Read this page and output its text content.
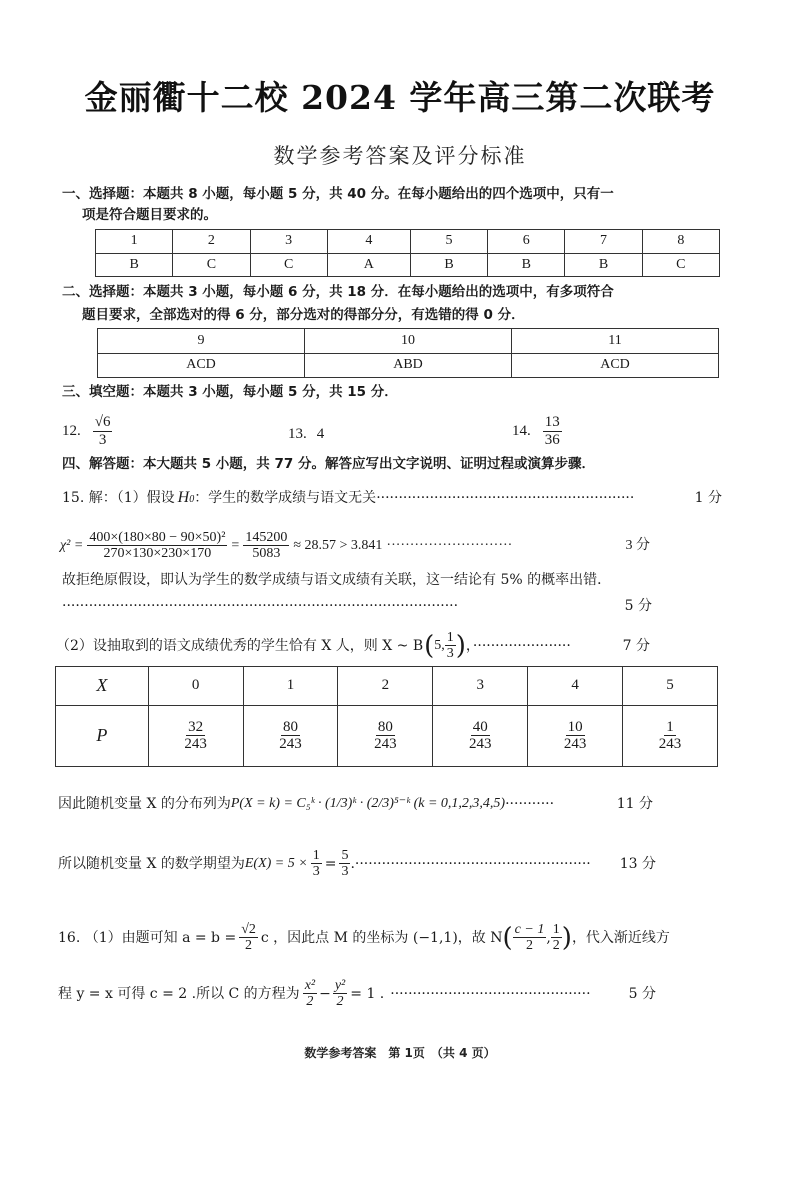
金丽衢十二校 2024 学年高三第二次联考
数学参考答案及评分标准
一、选择题：本题共 8 小题，每小题 5 分，共 40 分。在每小题给出的四个选项中，只有一
项是符合题目要求的。
1	2	3	4	5	6	7	8
B	C	C	A	B	B	B	C
二、选择题：本题共 3 小题，每小题 6 分，共 18 分．在每小题给出的选项中，有多项符合
题目要求，全部选对的得 6 分，部分选对的得部分分，有选错的得 0 分．
9	10	11
ACD	ABD	ACD
三、填空题：本题共 3 小题，每小题 5 分，共 15 分．
12. $\frac{√6}{3}$	13. 4	14. $\frac{13}{36}$
四、解答题：本大题共 5 小题，共 77 分。解答应写出文字说明、证明过程或演算步骤．
15. 解：（1）假设 H 0 ：学生的数学成绩与语文无关 ··························································	1 分
$\chi^2 = \frac{\text{400×(180×80 − 90×50)²}}{270\times 130\times 230\times 170} = \frac{145200}{5083} \approx 28.57 > 3.841$ ···························	3 分
故拒绝原假设，即认为学生的数学成绩与语文成绩有关联，这一结论有 5% 的概率出错．
·························································································	5 分
（2）设抽取到的语文成绩优秀的学生恰有 X 人，则 X ~ B ( 5, $\frac{1}{3}$ ) ，······················	7 分
X	0	1	2	3	4	5
P	$\frac{32}{243}$	$\frac{80}{243}$	$\frac{80}{243}$	$\frac{40}{243}$	$\frac{10}{243}$	$\frac{1}{243}$
因此随机变量 X 的分布列为 P(X = k) = C₅ᵏ · (1/3)ᵏ · (2/3)⁵⁻ᵏ (k = 0,1,2,3,4,5) ···········	11 分
所以随机变量 X 的数学期望为 $E(X) = 5 \times \frac{1}{3} = \frac{5}{3}$ .·····················································	13 分
16. （1）由题可知 $a = b = \frac{√2}{2}$ c ，因此点 M 的坐标为 (−1,1)，故 N ( $\frac{c - 1}{2}$ , $\frac{1}{2}$ ) ，代入渐近线方
程 y = x 可得 c = 2 .所以 C 的方程为 $\frac{\text{x²}}{2} - \frac{\text{y²}}{2} = 1$ . ·············································	5 分
数学参考答案　第 1页　（共 4 页）
